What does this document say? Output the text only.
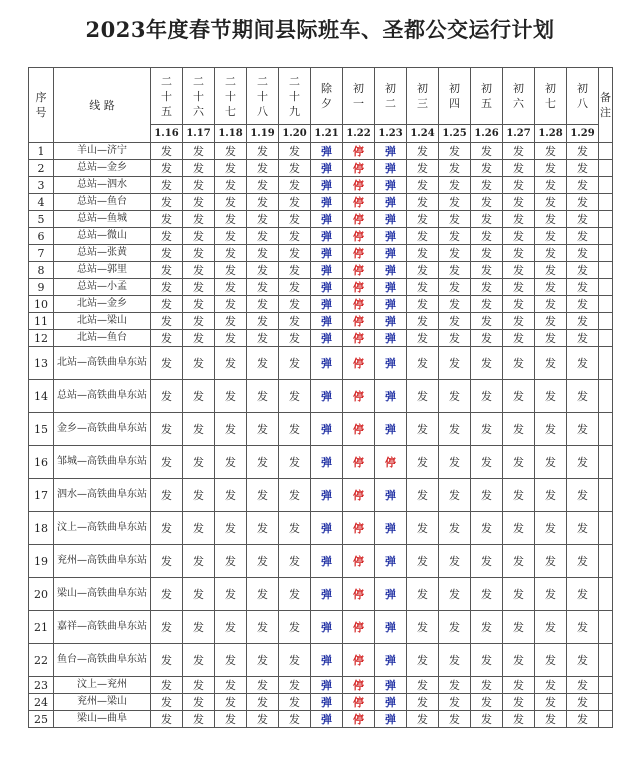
2023年度春节期间县际班车、圣都公交运行计划
序号	线 路	二十五	二十六	二十七	二十八	二十九	除夕	初一	初二	初三	初四	初五	初六	初七	初八	备注
		1.16	1.17	1.18	1.19	1.20	1.21	1.22	1.23	1.24	1.25	1.26	1.27	1.28	1.29	
1	羊山—济宁	发	发	发	发	发	弹	停	弹	发	发	发	发	发	发	
2	总站—金乡	发	发	发	发	发	弹	停	弹	发	发	发	发	发	发	
3	总站—泗水	发	发	发	发	发	弹	停	弹	发	发	发	发	发	发	
4	总站—鱼台	发	发	发	发	发	弹	停	弹	发	发	发	发	发	发	
5	总站—鱼城	发	发	发	发	发	弹	停	弹	发	发	发	发	发	发	
6	总站—微山	发	发	发	发	发	弹	停	弹	发	发	发	发	发	发	
7	总站—张黄	发	发	发	发	发	弹	停	弹	发	发	发	发	发	发	
8	总站—郭里	发	发	发	发	发	弹	停	弹	发	发	发	发	发	发	
9	总站—小孟	发	发	发	发	发	弹	停	弹	发	发	发	发	发	发	
10	北站—金乡	发	发	发	发	发	弹	停	弹	发	发	发	发	发	发	
11	北站—梁山	发	发	发	发	发	弹	停	弹	发	发	发	发	发	发	
12	北站—鱼台	发	发	发	发	发	弹	停	弹	发	发	发	发	发	发	
13	北站—高铁曲阜东站	发	发	发	发	发	弹	停	弹	发	发	发	发	发	发	
14	总站—高铁曲阜东站	发	发	发	发	发	弹	停	弹	发	发	发	发	发	发	
15	金乡—高铁曲阜东站	发	发	发	发	发	弹	停	弹	发	发	发	发	发	发	
16	邹城—高铁曲阜东站	发	发	发	发	发	弹	停	停	发	发	发	发	发	发	
17	泗水—高铁曲阜东站	发	发	发	发	发	弹	停	弹	发	发	发	发	发	发	
18	汶上—高铁曲阜东站	发	发	发	发	发	弹	停	弹	发	发	发	发	发	发	
19	兖州—高铁曲阜东站	发	发	发	发	发	弹	停	弹	发	发	发	发	发	发	
20	梁山—高铁曲阜东站	发	发	发	发	发	弹	停	弹	发	发	发	发	发	发	
21	嘉祥—高铁曲阜东站	发	发	发	发	发	弹	停	弹	发	发	发	发	发	发	
22	鱼台—高铁曲阜东站	发	发	发	发	发	弹	停	弹	发	发	发	发	发	发	
23	汶上—兖州	发	发	发	发	发	弹	停	弹	发	发	发	发	发	发	
24	兖州—梁山	发	发	发	发	发	弹	停	弹	发	发	发	发	发	发	
25	梁山—曲阜	发	发	发	发	发	弹	停	弹	发	发	发	发	发	发	
